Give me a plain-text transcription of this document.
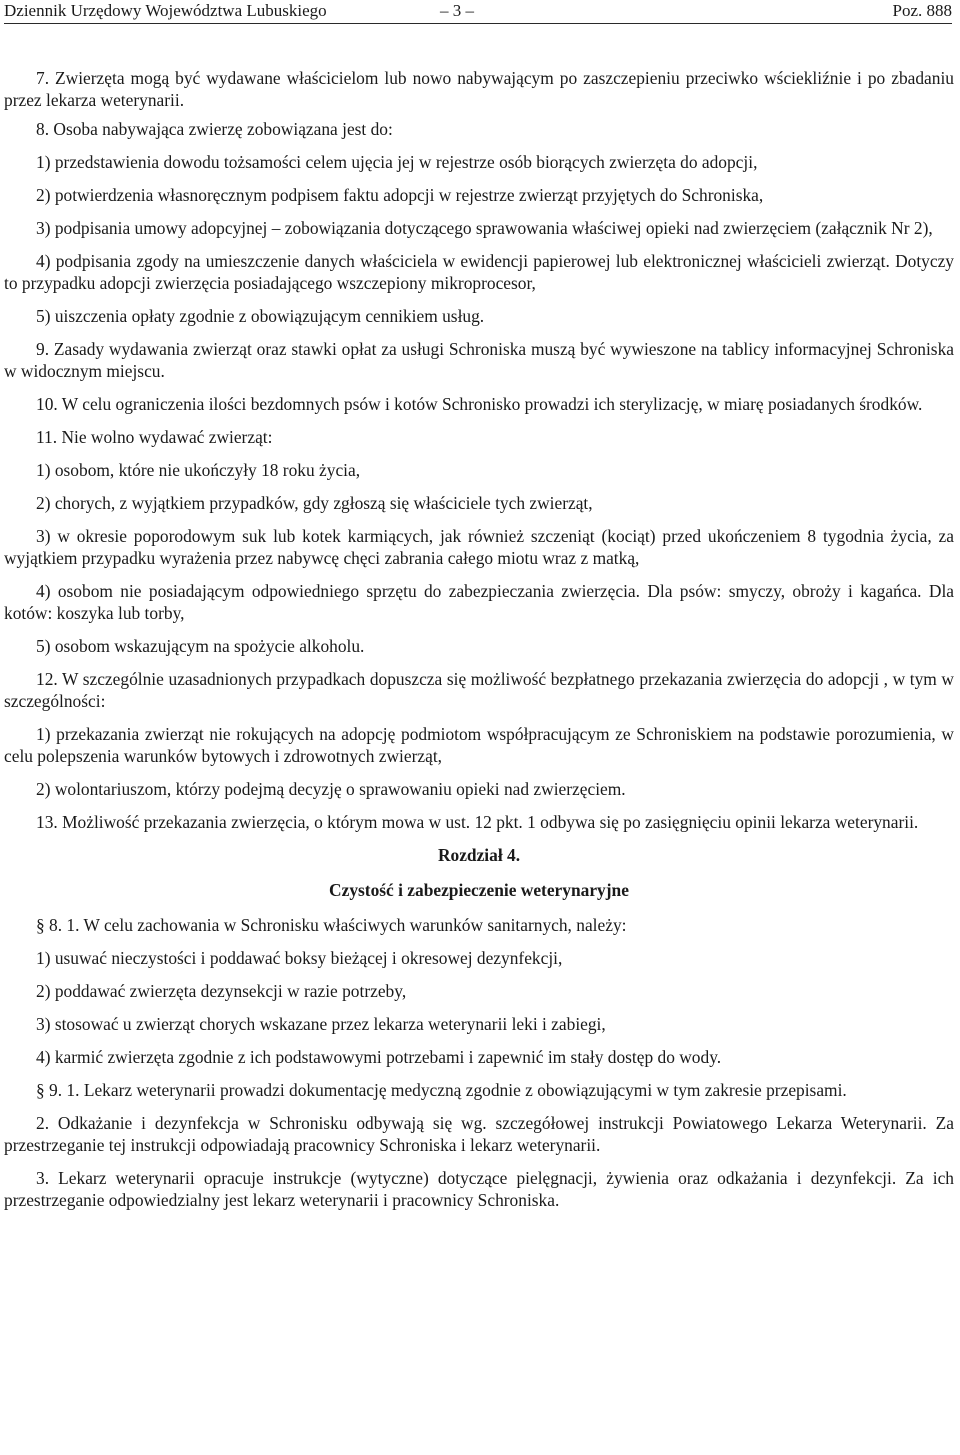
Dziennik Urzędowy Województwa Lubuskiego	– 3 –	Poz. 888

7. Zwierzęta mogą być wydawane właścicielom lub nowo nabywającym po zaszczepieniu przeciwko wściekliźnie i po zbadaniu przez lekarza weterynarii.

8. Osoba nabywająca zwierzę zobowiązana jest do:

1) przedstawienia dowodu tożsamości celem ujęcia jej w rejestrze osób biorących zwierzęta do adopcji,

2) potwierdzenia własnoręcznym podpisem faktu adopcji w rejestrze zwierząt przyjętych do Schroniska,

3) podpisania umowy adopcyjnej – zobowiązania dotyczącego sprawowania właściwej opieki nad zwierzęciem (załącznik Nr 2),

4) podpisania zgody na umieszczenie danych właściciela w ewidencji papierowej lub elektronicznej właścicieli zwierząt. Dotyczy to przypadku adopcji zwierzęcia posiadającego wszczepiony mikroprocesor,

5) uiszczenia opłaty zgodnie z obowiązującym cennikiem usług.

9. Zasady wydawania zwierząt oraz stawki opłat za usługi Schroniska muszą być wywieszone na tablicy informacyjnej Schroniska w widocznym miejscu.

10. W celu ograniczenia ilości bezdomnych psów i kotów Schronisko prowadzi ich sterylizację, w miarę posiadanych środków.

11. Nie wolno wydawać zwierząt:

1) osobom, które nie ukończyły 18 roku życia,

2) chorych, z wyjątkiem przypadków, gdy zgłoszą się właściciele tych zwierząt,

3) w okresie poporodowym suk lub kotek karmiących, jak również szczeniąt (kociąt) przed ukończeniem 8 tygodnia życia, za wyjątkiem przypadku wyrażenia przez nabywcę chęci zabrania całego miotu wraz z matką,

4) osobom nie posiadającym odpowiedniego sprzętu do zabezpieczania zwierzęcia. Dla psów: smyczy, obroży i kagańca. Dla kotów: koszyka lub torby,

5) osobom wskazującym na spożycie alkoholu.

12. W szczególnie uzasadnionych przypadkach dopuszcza się możliwość bezpłatnego przekazania zwierzęcia do adopcji , w tym w szczególności:

1) przekazania zwierząt nie rokujących na adopcję podmiotom współpracującym ze Schroniskiem na podstawie porozumienia, w celu polepszenia warunków bytowych i zdrowotnych zwierząt,

2) wolontariuszom, którzy podejmą decyzję o sprawowaniu opieki nad zwierzęciem.

13. Możliwość przekazania zwierzęcia, o którym mowa w ust. 12 pkt. 1 odbywa się po zasięgnięciu opinii lekarza weterynarii.

Rozdział 4.

Czystość i zabezpieczenie weterynaryjne

§ 8. 1. W celu zachowania w Schronisku właściwych warunków sanitarnych, należy:

1) usuwać nieczystości i poddawać boksy bieżącej i okresowej dezynfekcji,

2) poddawać zwierzęta dezynsekcji w razie potrzeby,

3) stosować u zwierząt chorych wskazane przez lekarza weterynarii leki i zabiegi,

4) karmić zwierzęta zgodnie z ich podstawowymi potrzebami i zapewnić im stały dostęp do wody.

§ 9. 1. Lekarz weterynarii prowadzi dokumentację medyczną zgodnie z obowiązującymi w tym zakresie przepisami.

2. Odkażanie i dezynfekcja w Schronisku odbywają się wg. szczegółowej instrukcji Powiatowego Lekarza Weterynarii. Za przestrzeganie tej instrukcji odpowiadają pracownicy Schroniska i lekarz weterynarii.

3. Lekarz weterynarii opracuje instrukcje (wytyczne) dotyczące pielęgnacji, żywienia oraz odkażania i dezynfekcji. Za ich przestrzeganie odpowiedzialny jest lekarz weterynarii i pracownicy Schroniska.
